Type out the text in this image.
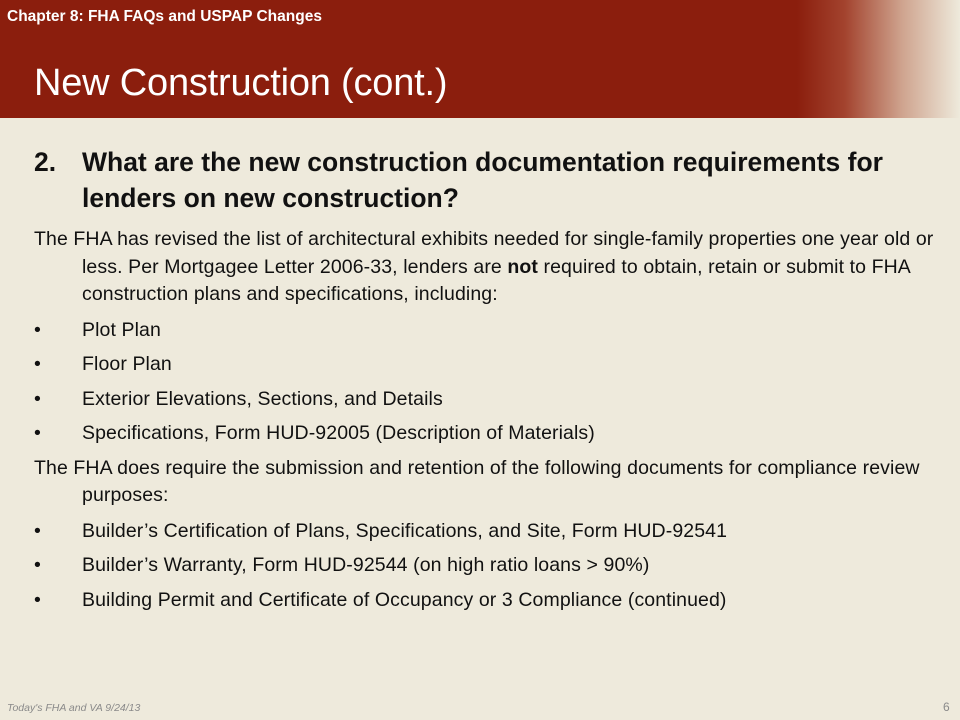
Chapter 8: FHA FAQs and USPAP Changes
New Construction (cont.)
2. What are the new construction documentation requirements for lenders on new construction?
The FHA has revised the list of architectural exhibits needed for single-family properties one year old or less. Per Mortgagee Letter 2006-33, lenders are not required to obtain, retain or submit to FHA construction plans and specifications, including:
• Plot Plan
• Floor Plan
• Exterior Elevations, Sections, and Details
• Specifications, Form HUD-92005 (Description of Materials)
The FHA does require the submission and retention of the following documents for compliance review purposes:
• Builder’s Certification of Plans, Specifications, and Site, Form HUD-92541
• Builder’s Warranty, Form HUD-92544 (on high ratio loans > 90%)
• Building Permit and Certificate of Occupancy or 3 Compliance (continued)
Today's FHA and VA 9/24/13	6
